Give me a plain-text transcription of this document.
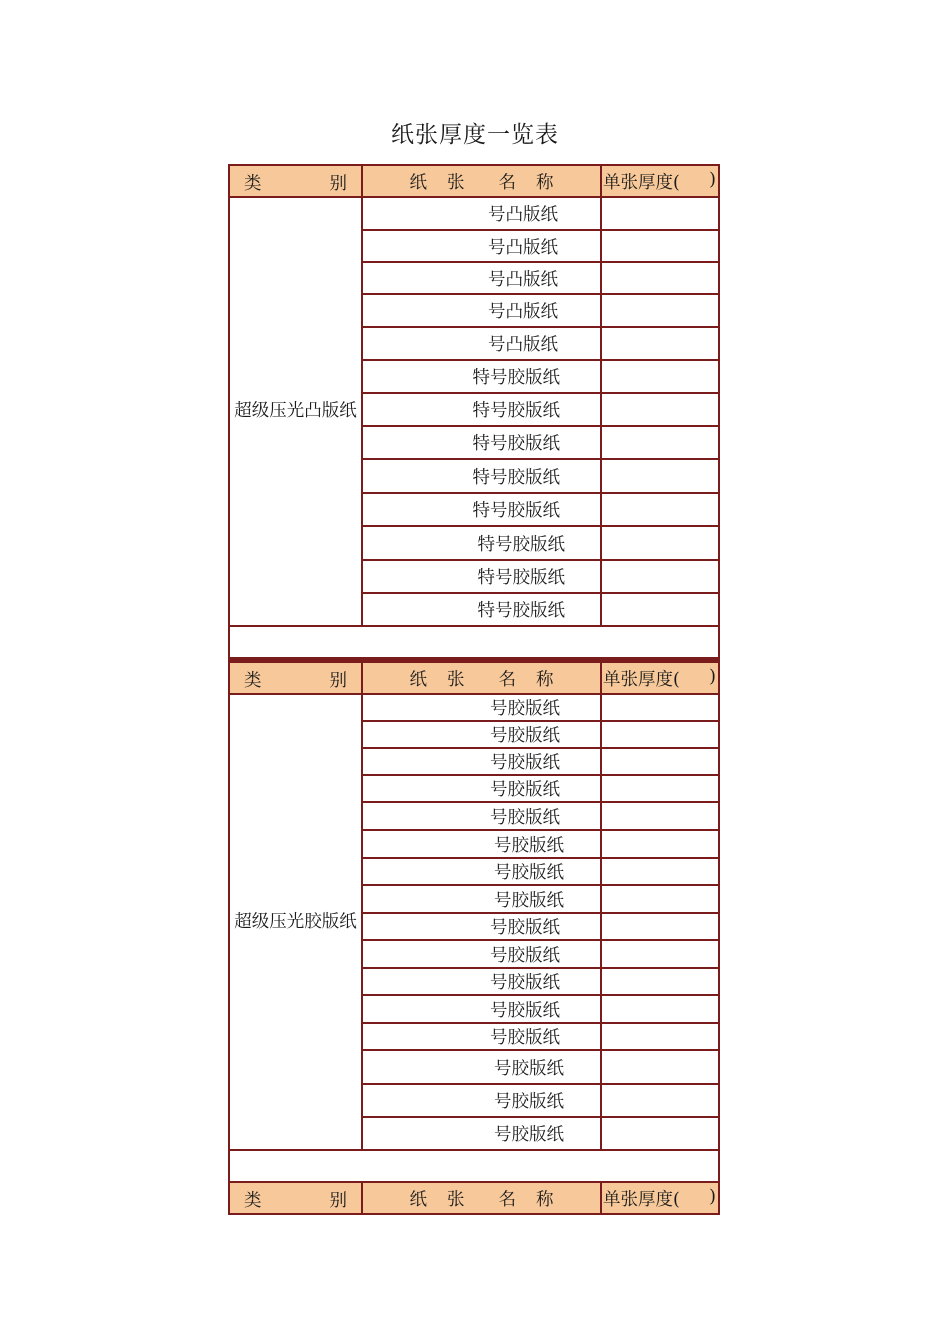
纸张厚度一览表
类 别	纸 张 名 称	单张厚度( )

超级压光凸版纸	号凸版纸	
	号凸版纸	
	号凸版纸	
	号凸版纸	
	号凸版纸	
	特号胶版纸	
	特号胶版纸	
	特号胶版纸	
	特号胶版纸	
	特号胶版纸	
	特号胶版纸	
	特号胶版纸	
	特号胶版纸	

类 别	纸 张 名 称	单张厚度( )

超级压光胶版纸	号胶版纸	
	号胶版纸	
	号胶版纸	
	号胶版纸	
	号胶版纸	
	号胶版纸	
	号胶版纸	
	号胶版纸	
	号胶版纸	
	号胶版纸	
	号胶版纸	
	号胶版纸	
	号胶版纸	
	号胶版纸	
	号胶版纸	
	号胶版纸	

类 别	纸 张 名 称	单张厚度( )
